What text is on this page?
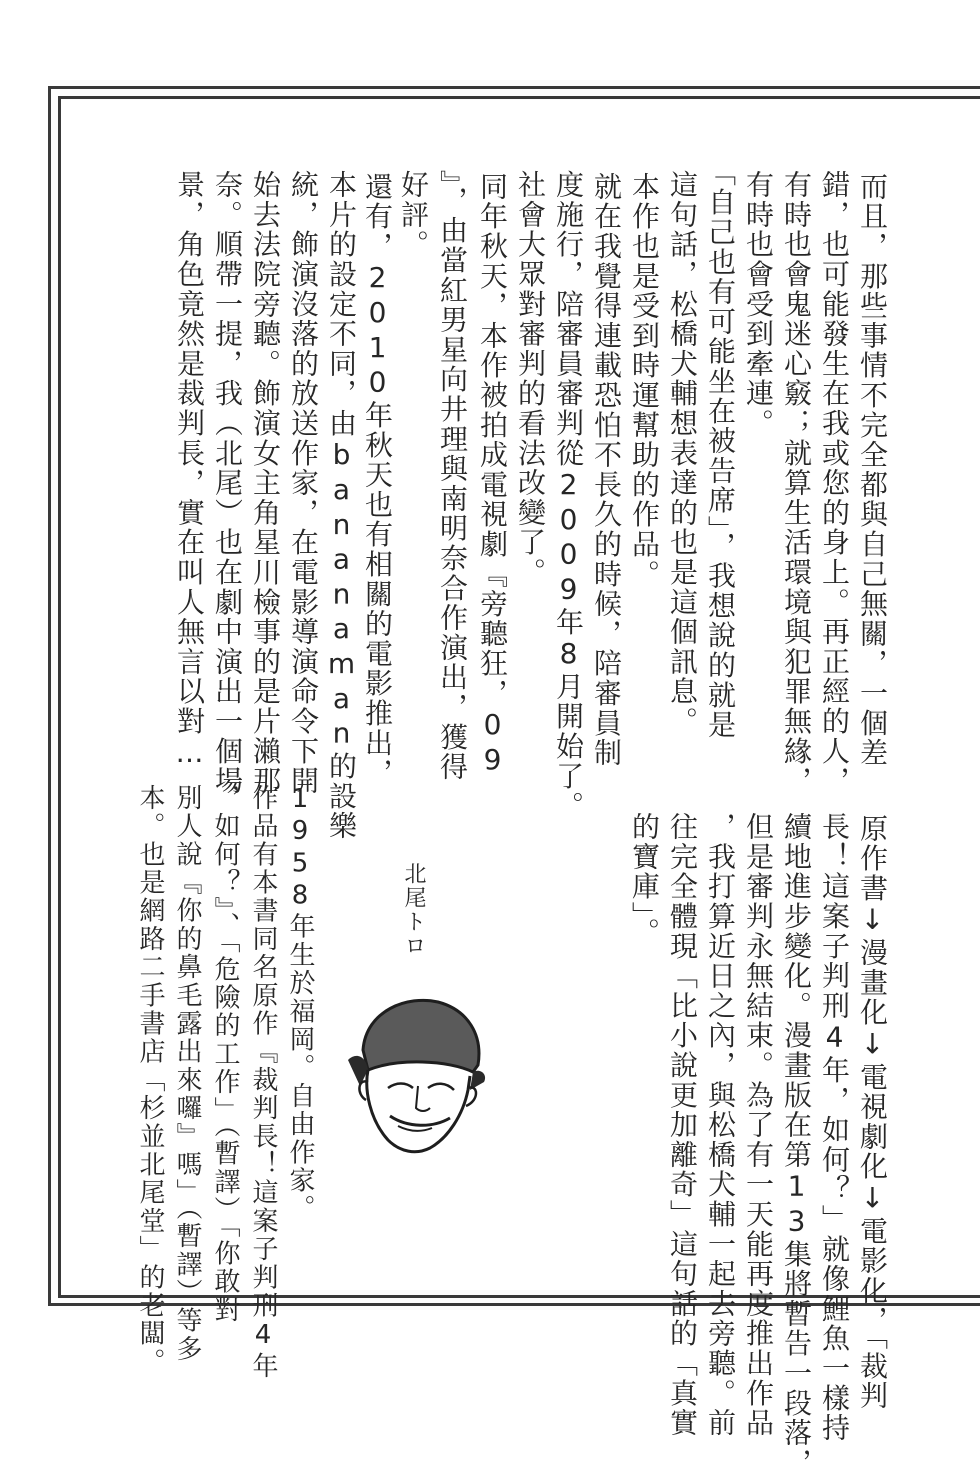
　而且，那些事情不完全都與自己無關，一個差
錯，也可能發生在我或您的身上。再正經的人，
有時也會鬼迷心竅；就算生活環境與犯罪無緣，
有時也會受到牽連。
　「自己也有可能坐在被告席」，我想說的就是
這句話，松橋犬輔想表達的也是這個訊息。
　本作也是受到時運幫助的作品。
　就在我覺得連載恐怕不長久的時候，陪審員制
度施行，陪審員審判從2009年8月開始了。
社會大眾對審判的看法改變了。
　同年秋天，本作被拍成電視劇『旁聽狂，09
』，由當紅男星向井理與南明奈合作演出，獲得
好評。
　還有，2010年秋天也有相關的電影推出，
本片的設定不同，由bananaman的設樂
統，飾演沒落的放送作家，在電影導演命令下開
始去法院旁聽。飾演女主角星川檢事的是片瀨那
奈。順帶一提，我（北尾）也在劇中演出一個場
景，角色竟然是裁判長，實在叫人無言以對…
　原作書↓漫畫化↓電視劇化↓電影化，「裁判
長！這案子判刑4年，如何？」就像鯉魚一樣持
續地進步變化。漫畫版在第13集將暫告一段落，
但是審判永無結束。為了有一天能再度推出作品
，我打算近日之內，與松橋犬輔一起去旁聽。前
往完全體現「比小說更加離奇」這句話的「真實
的寶庫」。
北尾トロ
1958年生於福岡。自由作家。
作品有本書同名原作『裁判長！這案子判刑4年
，如何？』、「危險的工作」（暫譯）「你敢對
別人說『你的鼻毛露出來囉』嗎」（暫譯）等多
本。也是網路二手書店「杉並北尾堂」的老闆。
